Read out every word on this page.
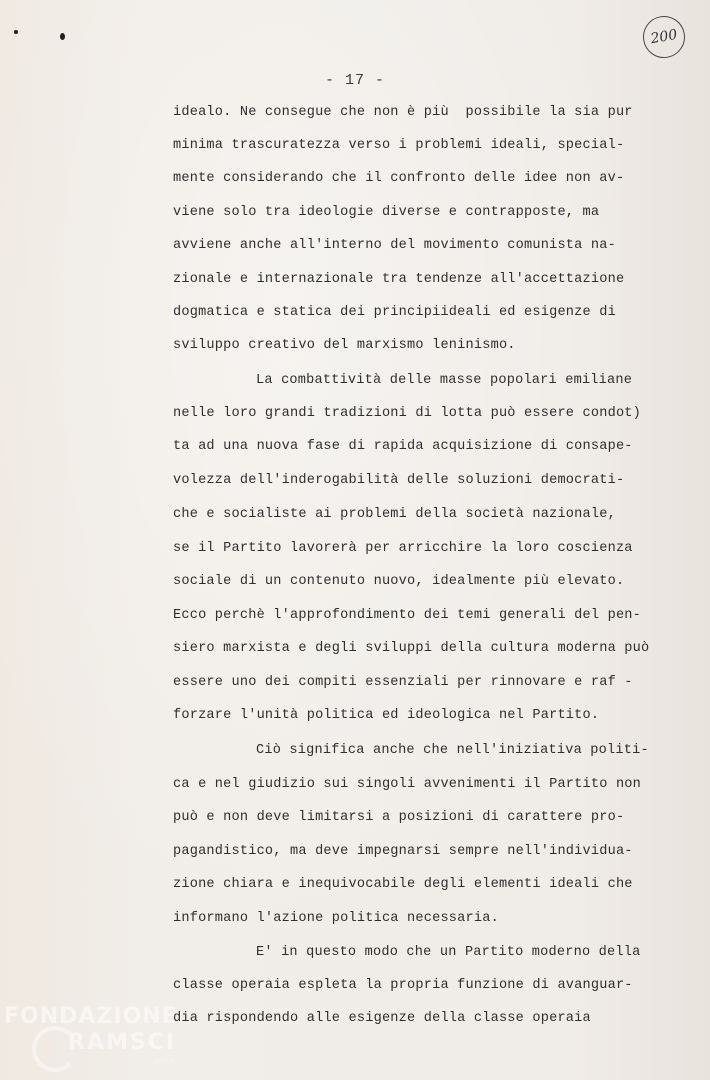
200
- 17 -
idealo. Ne consegue che non è più  possibile la sia pur
minima trascuratezza verso i problemi ideali, special-
mente considerando che il confronto delle idee non av-
viene solo tra ideologie diverse e contrapposte, ma
avviene anche all'interno del movimento comunista na-
zionale e internazionale tra tendenze all'accettazione
dogmatica e statica dei principiideali ed esigenze di
sviluppo creativo del marxismo leninismo.
La combattività delle masse popolari emiliane
nelle loro grandi tradizioni di lotta può essere condot)
ta ad una nuova fase di rapida acquisizione di consape-
volezza dell'inderogabilità delle soluzioni democrati-
che e socialiste ai problemi della società nazionale,
se il Partito lavorerà per arricchire la loro coscienza
sociale di un contenuto nuovo, idealmente più elevato.
Ecco perchè l'approfondimento dei temi generali del pen-
siero marxista e degli sviluppi della cultura moderna può
essere uno dei compiti essenziali per rinnovare e raf -
forzare l'unità politica ed ideologica nel Partito.
Ciò significa anche che nell'iniziativa politi-
ca e nel giudizio sui singoli avvenimenti il Partito non
può e non deve limitarsi a posizioni di carattere pro-
pagandistico, ma deve impegnarsi sempre nell'individua-
zione chiara e inequivocabile degli elementi ideali che
informano l'azione politica necessaria.
E' in questo modo che un Partito moderno della
classe operaia espleta la propria funzione di avanguar-
dia rispondendo alle esigenze della classe operaia
FONDAZIONE
RAMSCI
onlus
